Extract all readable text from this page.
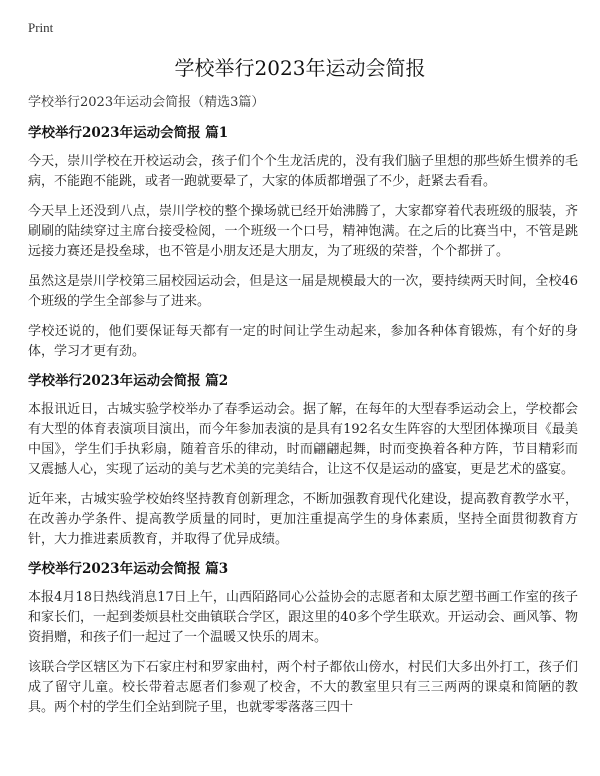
Print
学校举行2023年运动会简报

学校举行2023年运动会简报（精选3篇）

学校举行2023年运动会简报 篇1

今天，崇川学校在开校运动会，孩子们个个生龙活虎的，没有我们脑子里想的那些娇生惯养的毛病，不能跑不能跳，或者一跑就要晕了，大家的体质都增强了不少，赶紧去看看。

今天早上还没到八点，崇川学校的整个操场就已经开始沸腾了，大家都穿着代表班级的服装，齐刷刷的陆续穿过主席台接受检阅，一个班级一个口号，精神饱满。在之后的比赛当中，不管是跳远接力赛还是投垒球，也不管是小朋友还是大朋友，为了班级的荣誉，个个都拼了。

虽然这是崇川学校第三届校园运动会，但是这一届是规模最大的一次，要持续两天时间，全校46个班级的学生全部参与了进来。

学校还说的，他们要保证每天都有一定的时间让学生动起来，参加各种体育锻炼，有个好的身体，学习才更有劲。

学校举行2023年运动会简报 篇2

本报讯近日，古城实验学校举办了春季运动会。据了解，在每年的大型春季运动会上，学校都会有大型的体育表演项目演出，而今年参加表演的是具有192名女生阵容的大型团体操项目《最美中国》，学生们手执彩扇，随着音乐的律动，时而翩翩起舞，时而变换着各种方阵，节目精彩而又震撼人心，实现了运动的美与艺术美的完美结合，让这不仅是运动的盛宴，更是艺术的盛宴。

近年来，古城实验学校始终坚持教育创新理念，不断加强教育现代化建设，提高教育教学水平，在改善办学条件、提高教学质量的同时，更加注重提高学生的身体素质，坚持全面贯彻教育方针，大力推进素质教育，并取得了优异成绩。

学校举行2023年运动会简报 篇3

本报4月18日热线消息17日上午，山西陌路同心公益协会的志愿者和太原艺塑书画工作室的孩子和家长们，一起到娄烦县杜交曲镇联合学区，跟这里的40多个学生联欢。开运动会、画风筝、物资捐赠，和孩子们一起过了一个温暖又快乐的周末。

该联合学区辖区为下石家庄村和罗家曲村，两个村子都依山傍水，村民们大多出外打工，孩子们成了留守儿童。校长带着志愿者们参观了校舍，不大的教室里只有三三两两的课桌和简陋的教具。两个村的学生们全站到院子里，也就零零落落三四十
